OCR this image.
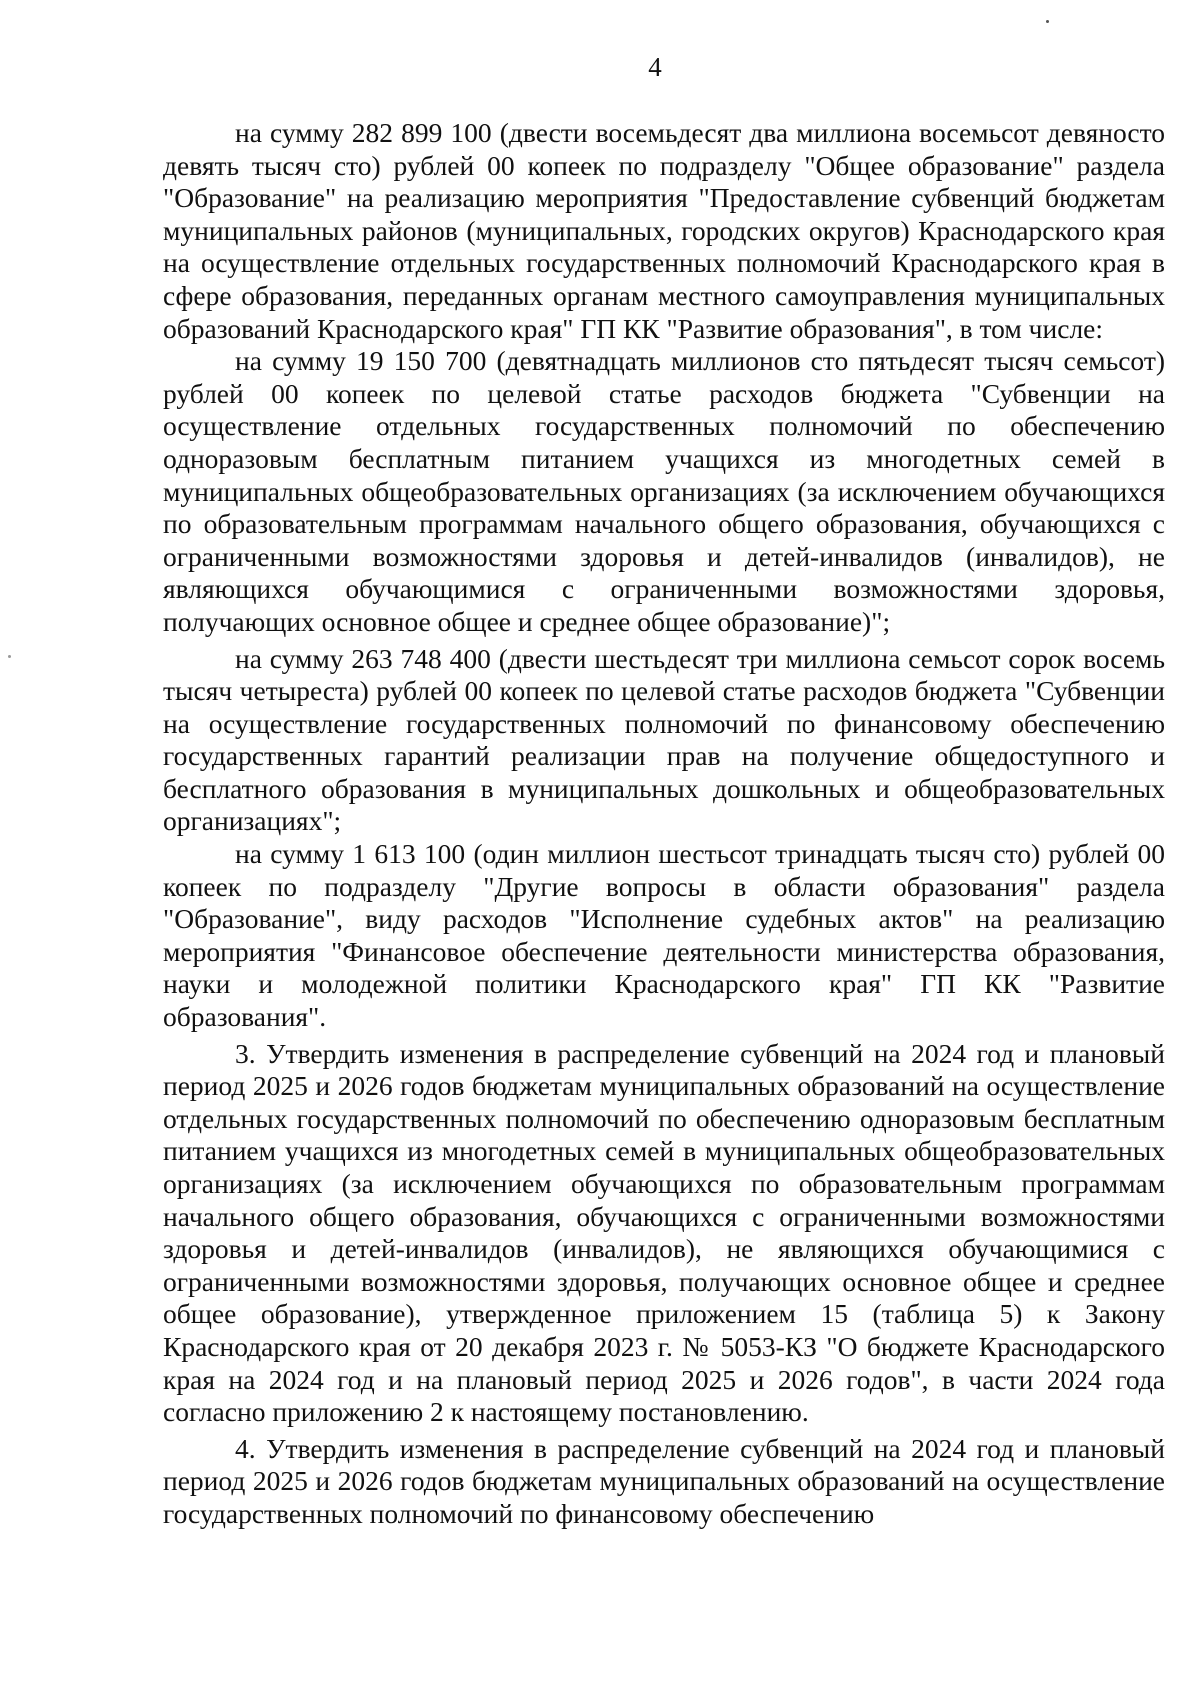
4

на сумму 282 899 100 (двести восемьдесят два миллиона восемьсот девяносто девять тысяч сто) рублей 00 копеек по подразделу "Общее образование" раздела "Образование" на реализацию мероприятия "Предоставление субвенций бюджетам муниципальных районов (муниципальных, городских округов) Краснодарского края на осуществление отдельных государственных полномочий Краснодарского края в сфере образования, переданных органам местного самоуправления муниципальных образований Краснодарского края" ГП КК "Развитие образования", в том числе:

на сумму 19 150 700 (девятнадцать миллионов сто пятьдесят тысяч семьсот) рублей 00 копеек по целевой статье расходов бюджета "Субвенции на осуществление отдельных государственных полномочий по обеспечению одноразовым бесплатным питанием учащихся из многодетных семей в муниципальных общеобразовательных организациях (за исключением обучающихся по образовательным программам начального общего образования, обучающихся с ограниченными возможностями здоровья и детей-инвалидов (инвалидов), не являющихся обучающимися с ограниченными возможностями здоровья, получающих основное общее и среднее общее образование)";

на сумму 263 748 400 (двести шестьдесят три миллиона семьсот сорок восемь тысяч четыреста) рублей 00 копеек по целевой статье расходов бюджета "Субвенции на осуществление государственных полномочий по финансовому обеспечению государственных гарантий реализации прав на получение общедоступного и бесплатного образования в муниципальных дошкольных и общеобразовательных организациях";

на сумму 1 613 100 (один миллион шестьсот тринадцать тысяч сто) рублей 00 копеек по подразделу "Другие вопросы в области образования" раздела "Образование", виду расходов "Исполнение судебных актов" на реализацию мероприятия "Финансовое обеспечение деятельности министерства образования, науки и молодежной политики Краснодарского края" ГП КК "Развитие образования".

3. Утвердить изменения в распределение субвенций на 2024 год и плановый период 2025 и 2026 годов бюджетам муниципальных образований на осуществление отдельных государственных полномочий по обеспечению одноразовым бесплатным питанием учащихся из многодетных семей в муниципальных общеобразовательных организациях (за исключением обучающихся по образовательным программам начального общего образования, обучающихся с ограниченными возможностями здоровья и детей-инвалидов (инвалидов), не являющихся обучающимися с ограниченными возможностями здоровья, получающих основное общее и среднее общее образование), утвержденное приложением 15 (таблица 5) к Закону Краснодарского края от 20 декабря 2023 г. № 5053-КЗ "О бюджете Краснодарского края на 2024 год и на плановый период 2025 и 2026 годов", в части 2024 года согласно приложению 2 к настоящему постановлению.

4. Утвердить изменения в распределение субвенций на 2024 год и плановый период 2025 и 2026 годов бюджетам муниципальных образований на осуществление государственных полномочий по финансовому обеспечению
